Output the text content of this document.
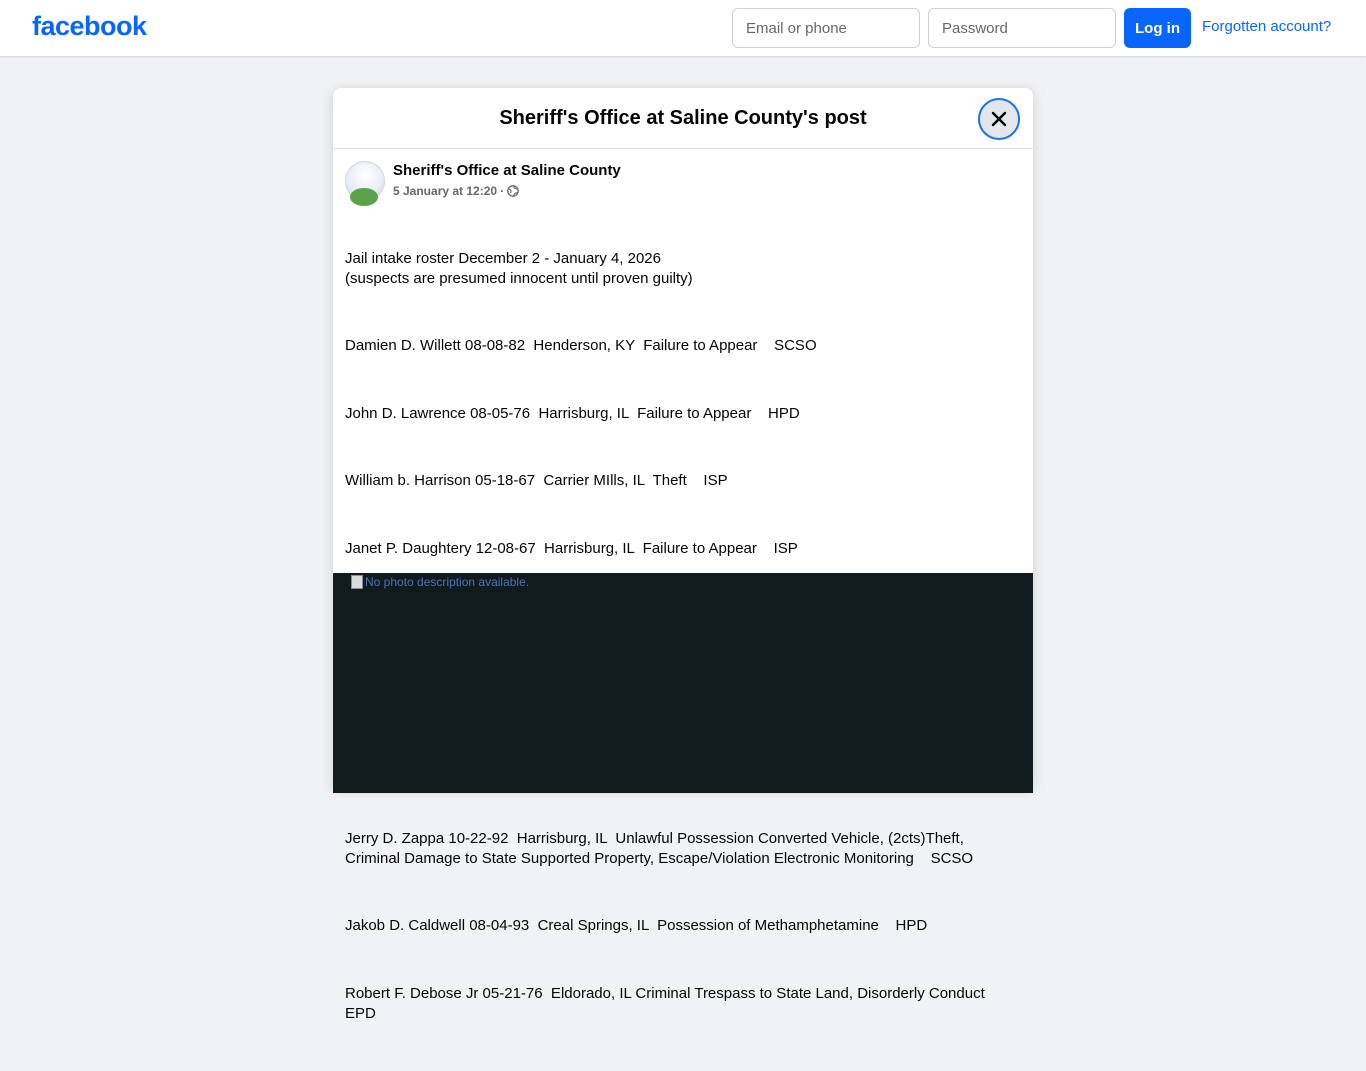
facebook
Email or phone	Log in	Forgotten account?
Sheriff's Office at Saline County's post
Sheriff's Office at Saline County
5 January at 12:20 ·

Jail intake roster December 2 - January 4, 2026
(suspects are presumed innocent until proven guilty)

Damien D. Willett 08-08-82  Henderson, KY  Failure to Appear    SCSO

John D. Lawrence 08-05-76  Harrisburg, IL  Failure to Appear    HPD

William b. Harrison 05-18-67  Carrier MIlls, IL  Theft    ISP

Janet P. Daughtery 12-08-67  Harrisburg, IL  Failure to Appear    ISP

Jerry D. Zappa 10-22-92  Harrisburg, IL  Unlawful Possession Converted Vehicle, (2cts)Theft, Criminal Damage to State Supported Property, Escape/Violation Electronic Monitoring    SCSO

Jakob D. Caldwell 08-04-93  Creal Springs, IL  Possession of Methamphetamine    HPD

Robert F. Debose Jr 05-21-76  Eldorado, IL Criminal Trespass to State Land, Disorderly Conduct    EPD

No photo description available.
